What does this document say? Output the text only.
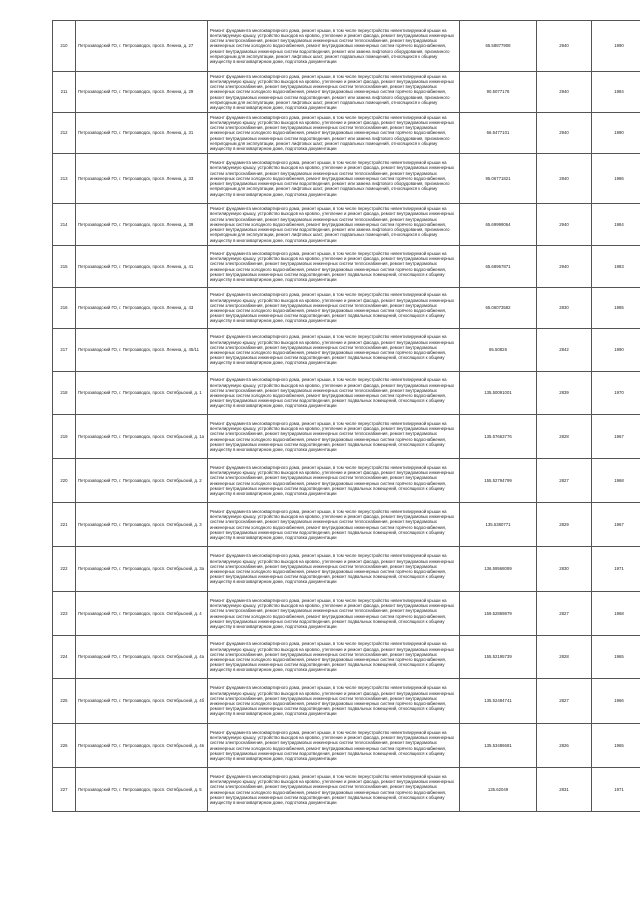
210	Петрозаводский ГО, г. Петрозаводск, просп. Ленина, д. 27	Ремонт фундамента многоквартирного дома, ремонт крыши, в том числе переустройство невентилируемой крыши на вентилируемую крышу, устройство выходов на кровлю, утепление и ремонт фасада, ремонт внутридомовых инженерных систем электроснабжения, ремонт внутридомовых инженерных систем теплоснабжения, ремонт внутридомовых инженерных систем холодного водоснабжения, ремонт внутридомовых инженерных систем горячего водоснабжения, ремонт внутридомовых инженерных систем водоотведения, ремонт или замена лифтового оборудования, признанного непригодным для эксплуатации, ремонт лифтовых шахт, ремонт подвальных помещений, относящихся к общему имуществу в многоквартирном доме, подготовка документации	65.58877908	2940	1990
211	Петрозаводский ГО, г. Петрозаводск, просп. Ленина, д. 29	Ремонт фундамента многоквартирного дома, ремонт крыши, в том числе переустройство невентилируемой крыши на вентилируемую крышу, устройство выходов на кровлю, утепление и ремонт фасада, ремонт внутридомовых инженерных систем электроснабжения, ремонт внутридомовых инженерных систем теплоснабжения, ремонт внутридомовых инженерных систем холодного водоснабжения, ремонт внутридомовых инженерных систем горячего водоснабжения, ремонт внутридомовых инженерных систем водоотведения, ремонт или замена лифтового оборудования, признанного непригодным для эксплуатации, ремонт лифтовых шахт, ремонт подвальных помещений, относящихся к общему имуществу в многоквартирном доме, подготовка документации	90.5077178	2940	1984
212	Петрозаводский ГО, г. Петрозаводск, просп. Ленина, д. 31	Ремонт фундамента многоквартирного дома, ремонт крыши, в том числе переустройство невентилируемой крыши на вентилируемую крышу, устройство выходов на кровлю, утепление и ремонт фасада, ремонт внутридомовых инженерных систем электроснабжения, ремонт внутридомовых инженерных систем теплоснабжения, ремонт внутридомовых инженерных систем холодного водоснабжения, ремонт внутридомовых инженерных систем горячего водоснабжения, ремонт внутридомовых инженерных систем водоотведения, ремонт или замена лифтового оборудования, признанного непригодным для эксплуатации, ремонт лифтовых шахт, ремонт подвальных помещений, относящихся к общему имуществу в многоквартирном доме, подготовка документации	66.5477101	2940	1990
213	Петрозаводский ГО, г. Петрозаводск, просп. Ленина, д. 33	Ремонт фундамента многоквартирного дома, ремонт крыши, в том числе переустройство невентилируемой крыши на вентилируемую крышу, устройство выходов на кровлю, утепление и ремонт фасада, ремонт внутридомовых инженерных систем электроснабжения, ремонт внутридомовых инженерных систем теплоснабжения, ремонт внутридомовых инженерных систем холодного водоснабжения, ремонт внутридомовых инженерных систем горячего водоснабжения, ремонт внутридомовых инженерных систем водоотведения, ремонт или замена лифтового оборудования, признанного непригодным для эксплуатации, ремонт лифтовых шахт, ремонт подвальных помещений, относящихся к общему имуществу в многоквартирном доме, подготовка документации	95.06771821	2840	1986
214	Петрозаводский ГО, г. Петрозаводск, просп. Ленина, д. 39	Ремонт фундамента многоквартирного дома, ремонт крыши, в том числе переустройство невентилируемой крыши на вентилируемую крышу, устройство выходов на кровлю, утепление и ремонт фасада, ремонт внутридомовых инженерных систем электроснабжения, ремонт внутридомовых инженерных систем теплоснабжения, ремонт внутридомовых инженерных систем холодного водоснабжения, ремонт внутридомовых инженерных систем горячего водоснабжения, ремонт внутридомовых инженерных систем водоотведения, ремонт или замена лифтового оборудования, признанного непригодным для эксплуатации, ремонт лифтовых шахт, ремонт подвальных помещений, относящихся к общему имуществу в многоквартирном доме, подготовка документации	65.69999064	2940	1984
215	Петрозаводский ГО, г. Петрозаводск, просп. Ленина, д. 41	Ремонт фундамента многоквартирного дома, ремонт крыши, в том числе переустройство невентилируемой крыши на вентилируемую крышу, устройство выходов на кровлю, утепление и ремонт фасада, ремонт внутридомовых инженерных систем электроснабжения, ремонт внутридомовых инженерных систем теплоснабжения, ремонт внутридомовых инженерных систем холодного водоснабжения, ремонт внутридомовых инженерных систем горячего водоснабжения, ремонт внутридомовых инженерных систем водоотведения, ремонт подвальных помещений, относящихся к общему имуществу в многоквартирном доме, подготовка документации	65.68967871	2940	1983
216	Петрозаводский ГО, г. Петрозаводск, просп. Ленина, д. 43	Ремонт фундамента многоквартирного дома, ремонт крыши, в том числе переустройство невентилируемой крыши на вентилируемую крышу, устройство выходов на кровлю, утепление и ремонт фасада, ремонт внутридомовых инженерных систем электроснабжения, ремонт внутридомовых инженерных систем теплоснабжения, ремонт внутридомовых инженерных систем холодного водоснабжения, ремонт внутридомовых инженерных систем горячего водоснабжения, ремонт внутридомовых инженерных систем водоотведения, ремонт подвальных помещений, относящихся к общему имуществу в многоквартирном доме, подготовка документации	65.06073582	2830	1985
217	Петрозаводский ГО, г. Петрозаводск, просп. Ленина, д. 45/11	Ремонт фундамента многоквартирного дома, ремонт крыши, в том числе переустройство невентилируемой крыши на вентилируемую крышу, устройство выходов на кровлю, утепление и ремонт фасада, ремонт внутридомовых инженерных систем электроснабжения, ремонт внутридомовых инженерных систем теплоснабжения, ремонт внутридомовых инженерных систем холодного водоснабжения, ремонт внутридомовых инженерных систем горячего водоснабжения, ремонт внутридомовых инженерных систем водоотведения, ремонт подвальных помещений, относящихся к общему имуществу в многоквартирном доме, подготовка документации	65.50826	2842	1990
218	Петрозаводский ГО, г. Петрозаводск, просп. Октябрьский, д. 1	Ремонт фундамента многоквартирного дома, ремонт крыши, в том числе переустройство невентилируемой крыши на вентилируемую крышу, устройство выходов на кровлю, утепление и ремонт фасада, ремонт внутридомовых инженерных систем электроснабжения, ремонт внутридомовых инженерных систем теплоснабжения, ремонт внутридомовых инженерных систем холодного водоснабжения, ремонт внутридомовых инженерных систем горячего водоснабжения, ремонт внутридомовых инженерных систем водоотведения, ремонт подвальных помещений, относящихся к общему имуществу в многоквартирном доме, подготовка документации	135.50091001	2839	1970
219	Петрозаводский ГО, г. Петрозаводск, просп. Октябрьский, д. 1а	Ремонт фундамента многоквартирного дома, ремонт крыши, в том числе переустройство невентилируемой крыши на вентилируемую крышу, устройство выходов на кровлю, утепление и ремонт фасада, ремонт внутридомовых инженерных систем электроснабжения, ремонт внутридомовых инженерных систем теплоснабжения, ремонт внутридомовых инженерных систем холодного водоснабжения, ремонт внутридомовых инженерных систем горячего водоснабжения, ремонт внутридомовых инженерных систем водоотведения, ремонт подвальных помещений, относящихся к общему имуществу в многоквартирном доме, подготовка документации	135.57663776	2828	1967
220	Петрозаводский ГО, г. Петрозаводск, просп. Октябрьский, д. 2	Ремонт фундамента многоквартирного дома, ремонт крыши, в том числе переустройство невентилируемой крыши на вентилируемую крышу, устройство выходов на кровлю, утепление и ремонт фасада, ремонт внутридомовых инженерных систем электроснабжения, ремонт внутридомовых инженерных систем теплоснабжения, ремонт внутридомовых инженерных систем холодного водоснабжения, ремонт внутридомовых инженерных систем горячего водоснабжения, ремонт внутридомовых инженерных систем водоотведения, ремонт подвальных помещений, относящихся к общему имуществу в многоквартирном доме, подготовка документации	155.52794799	2827	1968
221	Петрозаводский ГО, г. Петрозаводск, просп. Октябрьский, д. 3	Ремонт фундамента многоквартирного дома, ремонт крыши, в том числе переустройство невентилируемой крыши на вентилируемую крышу, устройство выходов на кровлю, утепление и ремонт фасада, ремонт внутридомовых инженерных систем электроснабжения, ремонт внутридомовых инженерных систем теплоснабжения, ремонт внутридомовых инженерных систем холодного водоснабжения, ремонт внутридомовых инженерных систем горячего водоснабжения, ремонт внутридомовых инженерных систем водоотведения, ремонт подвальных помещений, относящихся к общему имуществу в многоквартирном доме, подготовка документации	135.5380771	2829	1967
222	Петрозаводский ГО, г. Петрозаводск, просп. Октябрьский, д. 3а	Ремонт фундамента многоквартирного дома, ремонт крыши, в том числе переустройство невентилируемой крыши на вентилируемую крышу, устройство выходов на кровлю, утепление и ремонт фасада, ремонт внутридомовых инженерных систем электроснабжения, ремонт внутридомовых инженерных систем теплоснабжения, ремонт внутридомовых инженерных систем холодного водоснабжения, ремонт внутридомовых инженерных систем горячего водоснабжения, ремонт внутридомовых инженерных систем водоотведения, ремонт подвальных помещений, относящихся к общему имуществу в многоквартирном доме, подготовка документации	136.59568089	2830	1971
223	Петрозаводский ГО, г. Петрозаводск, просп. Октябрьский, д. 4	Ремонт фундамента многоквартирного дома, ремонт крыши, в том числе переустройство невентилируемой крыши на вентилируемую крышу, устройство выходов на кровлю, утепление и ремонт фасада, ремонт внутридомовых инженерных систем электроснабжения, ремонт внутридомовых инженерных систем теплоснабжения, ремонт внутридомовых инженерных систем холодного водоснабжения, ремонт внутридомовых инженерных систем горячего водоснабжения, ремонт внутридомовых инженерных систем водоотведения, ремонт подвальных помещений, относящихся к общему имуществу в многоквартирном доме, подготовка документации	159.52869879	2827	1968
224	Петрозаводский ГО, г. Петрозаводск, просп. Октябрьский, д. 4а	Ремонт фундамента многоквартирного дома, ремонт крыши, в том числе переустройство невентилируемой крыши на вентилируемую крышу, устройство выходов на кровлю, утепление и ремонт фасада, ремонт внутридомовых инженерных систем электроснабжения, ремонт внутридомовых инженерных систем теплоснабжения, ремонт внутридомовых инженерных систем холодного водоснабжения, ремонт внутридомовых инженерных систем горячего водоснабжения, ремонт внутридомовых инженерных систем водоотведения, ремонт подвальных помещений, относящихся к общему имуществу в многоквартирном доме, подготовка документации	155.52195739	2828	1965
225	Петрозаводский ГО, г. Петрозаводск, просп. Октябрьский, д. 4б	Ремонт фундамента многоквартирного дома, ремонт крыши, в том числе переустройство невентилируемой крыши на вентилируемую крышу, устройство выходов на кровлю, утепление и ремонт фасада, ремонт внутридомовых инженерных систем электроснабжения, ремонт внутридомовых инженерных систем теплоснабжения, ремонт внутридомовых инженерных систем холодного водоснабжения, ремонт внутридомовых инженерных систем горячего водоснабжения, ремонт внутридомовых инженерных систем водоотведения, ремонт подвальных помещений, относящихся к общему имуществу в многоквартирном доме, подготовка документации	135.52484741	2827	1966
226	Петрозаводский ГО, г. Петрозаводск, просп. Октябрьский, д. 4в	Ремонт фундамента многоквартирного дома, ремонт крыши, в том числе переустройство невентилируемой крыши на вентилируемую крышу, устройство выходов на кровлю, утепление и ремонт фасада, ремонт внутридомовых инженерных систем электроснабжения, ремонт внутридомовых инженерных систем теплоснабжения, ремонт внутридомовых инженерных систем холодного водоснабжения, ремонт внутридомовых инженерных систем горячего водоснабжения, ремонт внутридомовых инженерных систем водоотведения, ремонт подвальных помещений, относящихся к общему имуществу в многоквартирном доме, подготовка документации	135.53486681	2826	1965
227	Петрозаводский ГО, г. Петрозаводск, просп. Октябрьский, д. 5	Ремонт фундамента многоквартирного дома, ремонт крыши, в том числе переустройство невентилируемой крыши на вентилируемую крышу, устройство выходов на кровлю, утепление и ремонт фасада, ремонт внутридомовых инженерных систем электроснабжения, ремонт внутридомовых инженерных систем теплоснабжения, ремонт внутридомовых инженерных систем холодного водоснабжения, ремонт внутридомовых инженерных систем горячего водоснабжения, ремонт внутридомовых инженерных систем водоотведения, ремонт подвальных помещений, относящихся к общему имуществу в многоквартирном доме, подготовка документации	135.62049	2831	1971
